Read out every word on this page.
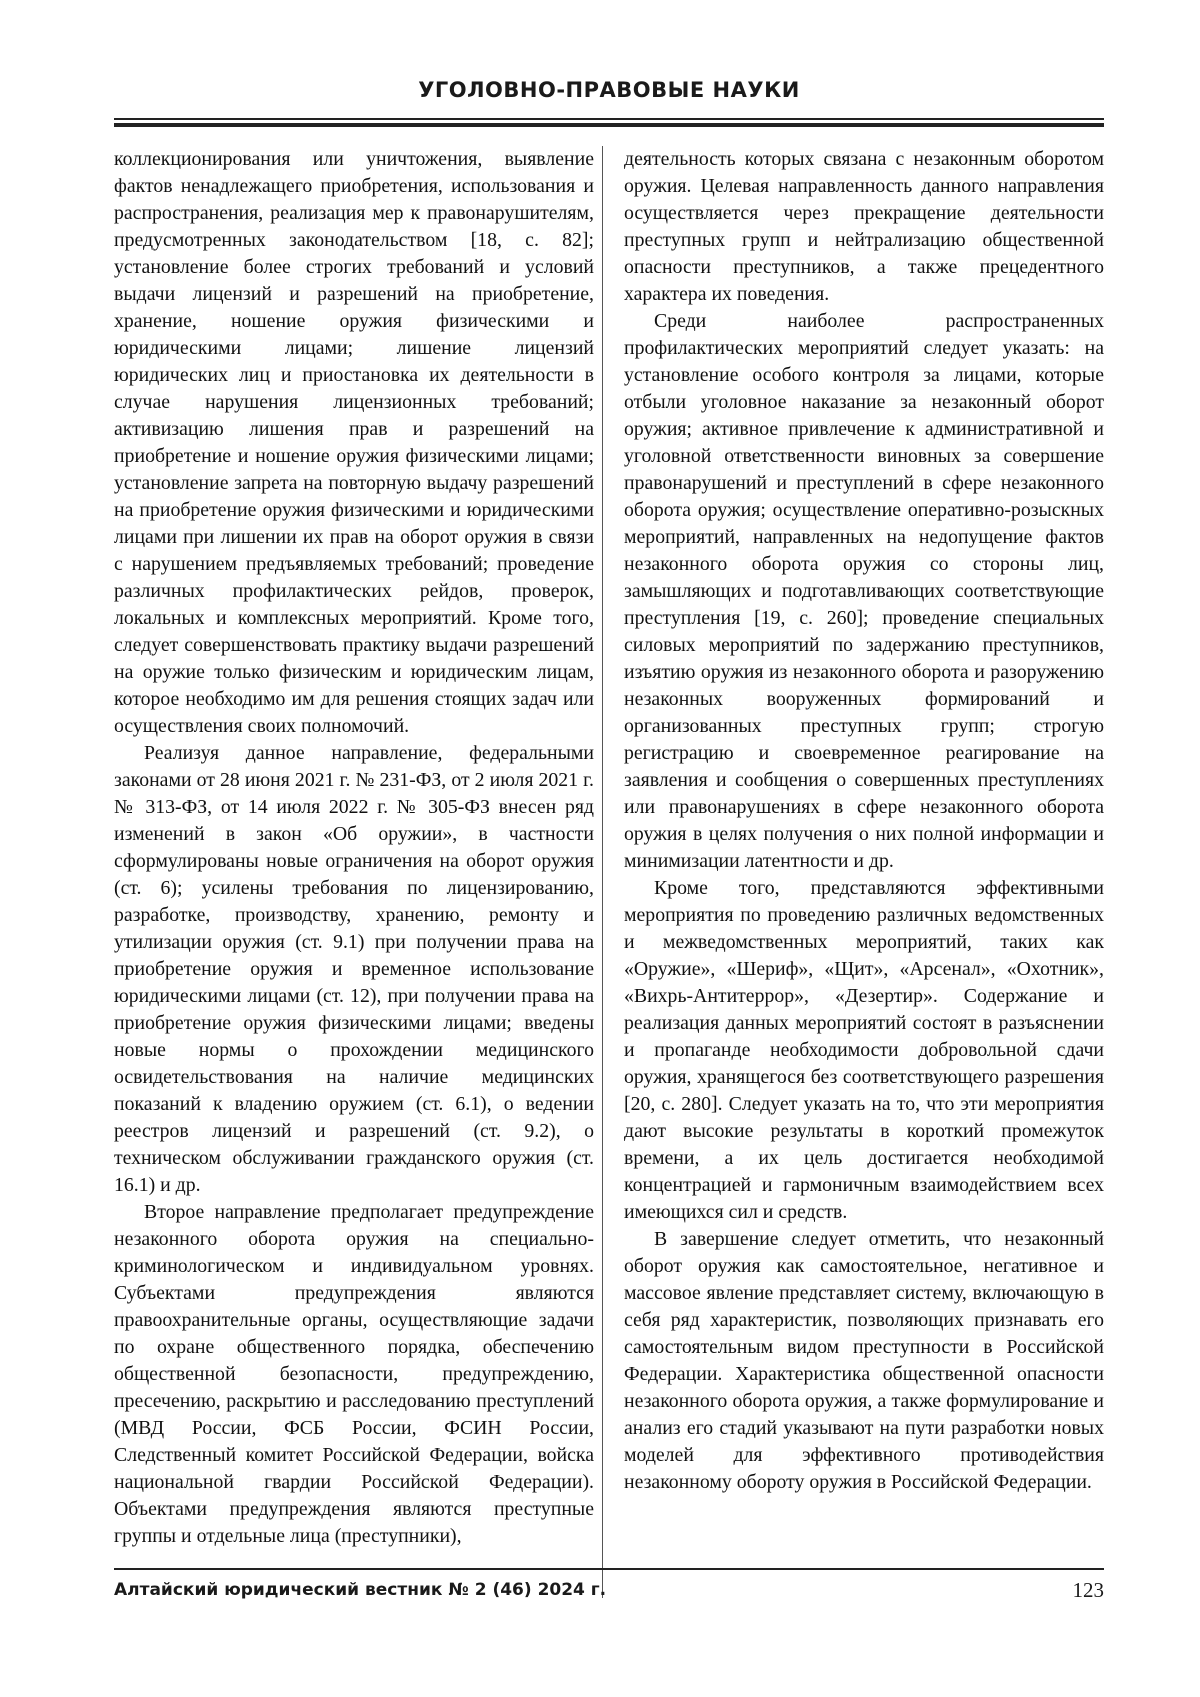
УГОЛОВНО-ПРАВОВЫЕ НАУКИ

коллекционирования или уничтожения, выявление фактов ненадлежащего приобретения, использования и распространения, реализация мер к правонарушителям, предусмотренных законодательством [18, с. 82]; установление более строгих требований и условий выдачи лицензий и разрешений на приобретение, хранение, ношение оружия физическими и юридическими лицами; лишение лицензий юридических лиц и приостановка их деятельности в случае нарушения лицензионных требований; активизацию лишения прав и разрешений на приобретение и ношение оружия физическими лицами; установление запрета на повторную выдачу разрешений на приобретение оружия физическими и юридическими лицами при лишении их прав на оборот оружия в связи с нарушением предъявляемых требований; проведение различных профилактических рейдов, проверок, локальных и комплексных мероприятий. Кроме того, следует совершенствовать практику выдачи разрешений на оружие только физическим и юридическим лицам, которое необходимо им для решения стоящих задач или осуществления своих полномочий.

Реализуя данное направление, федеральными законами от 28 июня 2021 г. № 231-ФЗ, от 2 июля 2021 г. № 313-ФЗ, от 14 июля 2022 г. № 305-ФЗ внесен ряд изменений в закон «Об оружии», в частности сформулированы новые ограничения на оборот оружия (ст. 6); усилены требования по лицензированию, разработке, производству, хранению, ремонту и утилизации оружия (ст. 9.1) при получении права на приобретение оружия и временное использование юридическими лицами (ст. 12), при получении права на приобретение оружия физическими лицами; введены новые нормы о прохождении медицинского освидетельствования на наличие медицинских показаний к владению оружием (ст. 6.1), о ведении реестров лицензий и разрешений (ст. 9.2), о техническом обслуживании гражданского оружия (ст. 16.1) и др.

Второе направление предполагает предупреждение незаконного оборота оружия на специально-криминологическом и индивидуальном уровнях. Субъектами предупреждения являются правоохранительные органы, осуществляющие задачи по охране общественного порядка, обеспечению общественной безопасности, предупреждению, пресечению, раскрытию и расследованию преступлений (МВД России, ФСБ России, ФСИН России, Следственный комитет Российской Федерации, войска национальной гвардии Российской Федерации). Объектами предупреждения являются преступные группы и отдельные лица (преступники),

деятельность которых связана с незаконным оборотом оружия. Целевая направленность данного направления осуществляется через прекращение деятельности преступных групп и нейтрализацию общественной опасности преступников, а также прецедентного характера их поведения.

Среди наиболее распространенных профилактических мероприятий следует указать: на установление особого контроля за лицами, которые отбыли уголовное наказание за незаконный оборот оружия; активное привлечение к административной и уголовной ответственности виновных за совершение правонарушений и преступлений в сфере незаконного оборота оружия; осуществление оперативно-розыскных мероприятий, направленных на недопущение фактов незаконного оборота оружия со стороны лиц, замышляющих и подготавливающих соответствующие преступления [19, с. 260]; проведение специальных силовых мероприятий по задержанию преступников, изъятию оружия из незаконного оборота и разоружению незаконных вооруженных формирований и организованных преступных групп; строгую регистрацию и своевременное реагирование на заявления и сообщения о совершенных преступлениях или правонарушениях в сфере незаконного оборота оружия в целях получения о них полной информации и минимизации латентности и др.

Кроме того, представляются эффективными мероприятия по проведению различных ведомственных и межведомственных мероприятий, таких как «Оружие», «Шериф», «Щит», «Арсенал», «Охотник», «Вихрь-Антитеррор», «Дезертир». Содержание и реализация данных мероприятий состоят в разъяснении и пропаганде необходимости добровольной сдачи оружия, хранящегося без соответствующего разрешения [20, с. 280]. Следует указать на то, что эти мероприятия дают высокие результаты в короткий промежуток времени, а их цель достигается необходимой концентрацией и гармоничным взаимодействием всех имеющихся сил и средств.

В завершение следует отметить, что незаконный оборот оружия как самостоятельное, негативное и массовое явление представляет систему, включающую в себя ряд характеристик, позволяющих признавать его самостоятельным видом преступности в Российской Федерации. Характеристика общественной опасности незаконного оборота оружия, а также формулирование и анализ его стадий указывают на пути разработки новых моделей для эффективного противодействия незаконному обороту оружия в Российской Федерации.

Алтайский юридический вестник № 2 (46) 2024 г.	123
